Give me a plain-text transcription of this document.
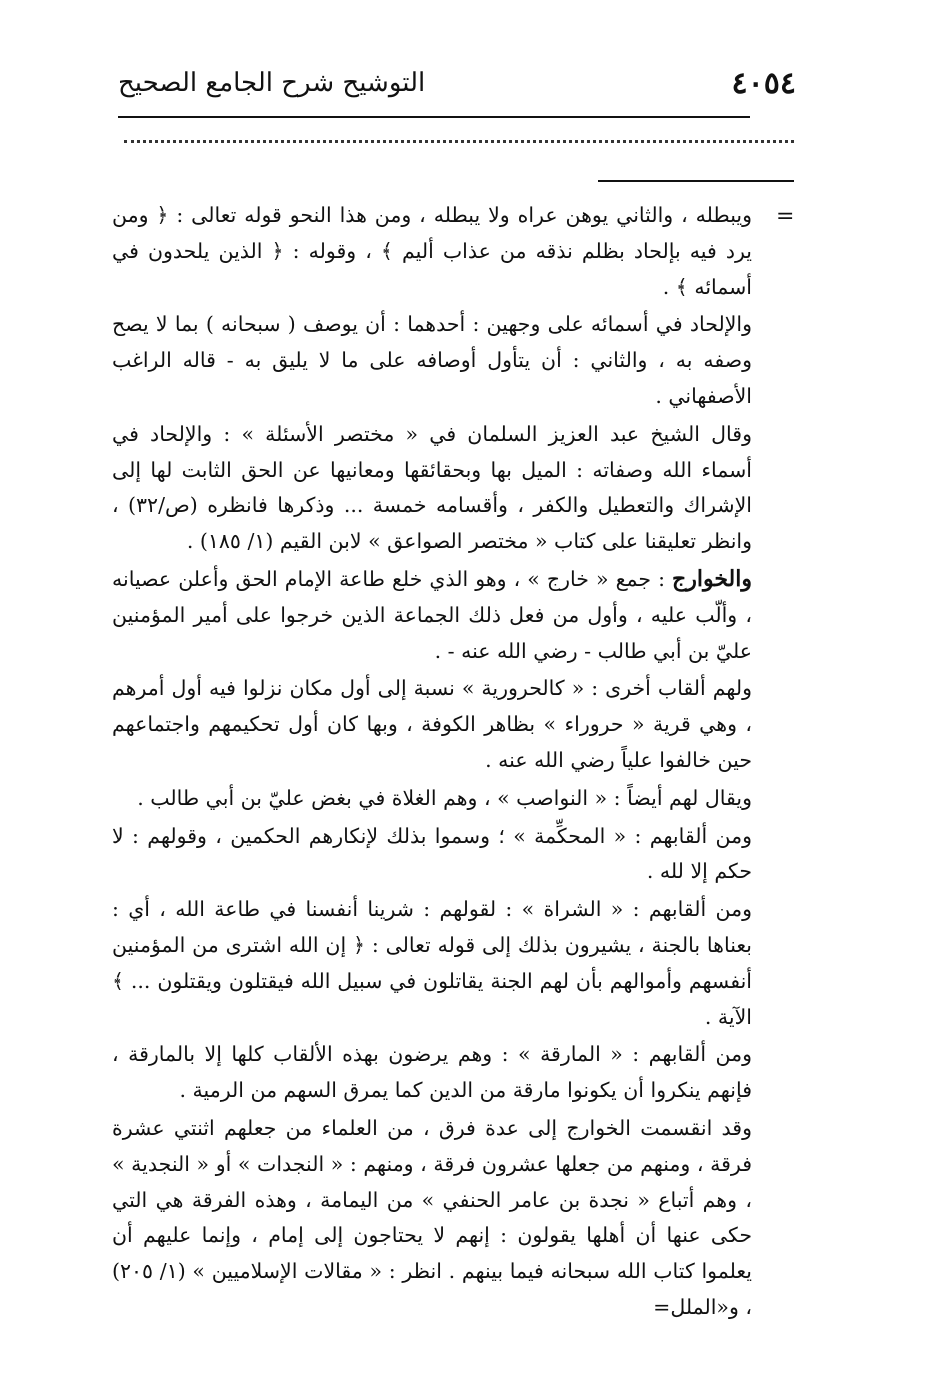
٤٠٥٤
التوشيح شرح الجامع الصحيح
=

ويبطله ، والثاني يوهن عراه ولا يبطله ، ومن هذا النحو قوله تعالى : ﴿ ومن يرد فيه بإلحاد بظلم نذقه من عذاب أليم ﴾ ، وقوله : ﴿ الذين يلحدون في أسمائه ﴾ .

والإلحاد في أسمائه على وجهين : أحدهما : أن يوصف ( سبحانه ) بما لا يصح وصفه به ، والثاني : أن يتأول أوصافه على ما لا يليق به - قاله الراغب الأصفهاني .

وقال الشيخ عبد العزيز السلمان في « مختصر الأسئلة » : والإلحاد في أسماء الله وصفاته : الميل بها وبحقائقها ومعانيها عن الحق الثابت لها إلى الإشراك والتعطيل والكفر ، وأقسامه خمسة ... وذكرها فانظره (ص/٣٢) ، وانظر تعليقنا على كتاب « مختصر الصواعق » لابن القيم (١/ ١٨٥) .

والخوارج : جمع « خارج » ، وهو الذي خلع طاعة الإمام الحق وأعلن عصيانه ، وألّب عليه ، وأول من فعل ذلك الجماعة الذين خرجوا على أمير المؤمنين عليّ بن أبي طالب - رضي الله عنه - .

ولهم ألقاب أخرى : « كالحرورية » نسبة إلى أول مكان نزلوا فيه أول أمرهم ، وهي قرية « حروراء » بظاهر الكوفة ، وبها كان أول تحكيمهم واجتماعهم حين خالفوا علياً رضي الله عنه .

ويقال لهم أيضاً : « النواصب » ، وهم الغلاة في بغض عليّ بن أبي طالب .

ومن ألقابهم : « المحكِّمة » ؛ وسموا بذلك لإنكارهم الحكمين ، وقولهم : لا حكم إلا لله .

ومن ألقابهم : « الشراة » : لقولهم : شرينا أنفسنا في طاعة الله ، أي : بعناها بالجنة ، يشيرون بذلك إلى قوله تعالى : ﴿ إن الله اشترى من المؤمنين أنفسهم وأموالهم بأن لهم الجنة يقاتلون في سبيل الله فيقتلون ويقتلون ... ﴾ الآية .

ومن ألقابهم : « المارقة » : وهم يرضون بهذه الألقاب كلها إلا بالمارقة ، فإنهم ينكروا أن يكونوا مارقة من الدين كما يمرق السهم من الرمية .

وقد انقسمت الخوارج إلى عدة فرق ، من العلماء من جعلهم اثنتي عشرة فرقة ، ومنهم من جعلها عشرون فرقة ، ومنهم : « النجدات » أو « النجدية » ، وهم أتباع « نجدة بن عامر الحنفي » من اليمامة ، وهذه الفرقة هي التي حكى عنها أن أهلها يقولون : إنهم لا يحتاجون إلى إمام ، وإنما عليهم أن يعلموا كتاب الله سبحانه فيما بينهم . انظر : « مقالات الإسلاميين » (١/ ٢٠٥) ، و«الملل=
